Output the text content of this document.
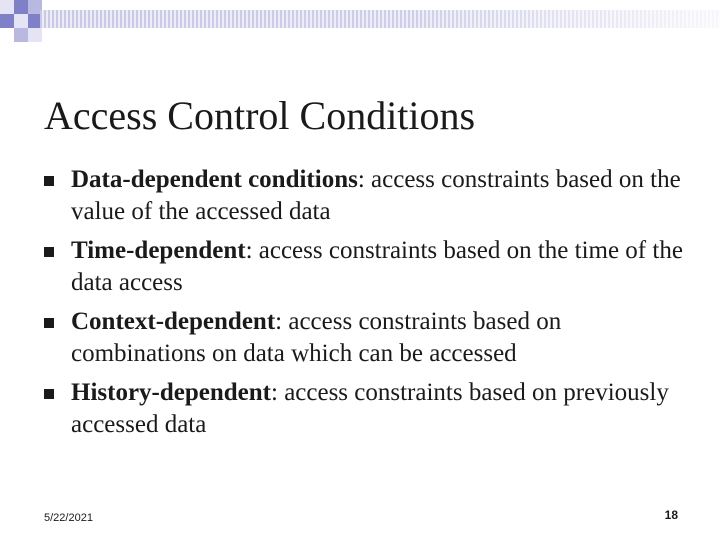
Access Control Conditions
Data-dependent conditions: access constraints based on the value of the accessed data
Time-dependent: access constraints based on the time of the data access
Context-dependent: access constraints based on combinations on data which can be accessed
History-dependent: access constraints based on previously accessed data
5/22/2021	18
